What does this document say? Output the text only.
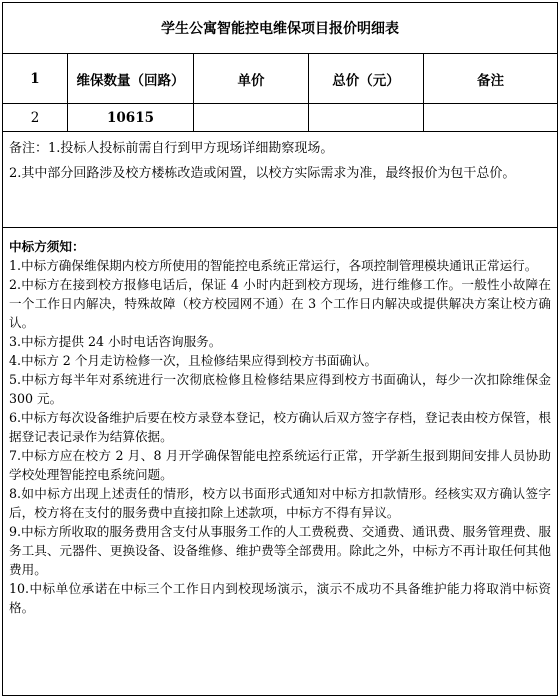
学生公寓智能控电维保项目报价明细表
1	维保数量（回路）	单价	总价（元）	备注
2	10615

备注：1.投标人投标前需自行到甲方现场详细勘察现场。

2.其中部分回路涉及校方楼栋改造或闲置，以校方实际需求为准，最终报价为包干总价。

中标方须知：

1.中标方确保维保期内校方所使用的智能控电系统正常运行，各项控制管理模块通讯正常运行。

2.中标方在接到校方报修电话后，保证 4 小时内赶到校方现场，进行维修工作。一般性小故障在一个工作日内解决，特殊故障（校方校园网不通）在 3 个工作日内解决或提供解决方案让校方确认。

3.中标方提供 24 小时电话咨询服务。

4.中标方 2 个月走访检修一次，且检修结果应得到校方书面确认。

5.中标方每半年对系统进行一次彻底检修且检修结果应得到校方书面确认，每少一次扣除维保金 300 元。

6.中标方每次设备维护后要在校方录登本登记，校方确认后双方签字存档，登记表由校方保管，根据登记表记录作为结算依据。

7.中标方应在校方 2 月、8 月开学确保智能电控系统运行正常，开学新生报到期间安排人员协助学校处理智能控电系统问题。

8.如中标方出现上述责任的情形，校方以书面形式通知对中标方扣款情形。经核实双方确认签字后，校方将在支付的服务费中直接扣除上述款项，中标方不得有异议。

9.中标方所收取的服务费用含支付从事服务工作的人工费税费、交通费、通讯费、服务管理费、服务工具、元器件、更换设备、设备维修、维护费等全部费用。除此之外，中标方不再计取任何其他费用。

10.中标单位承诺在中标三个工作日内到校现场演示，演示不成功不具备维护能力将取消中标资格。
